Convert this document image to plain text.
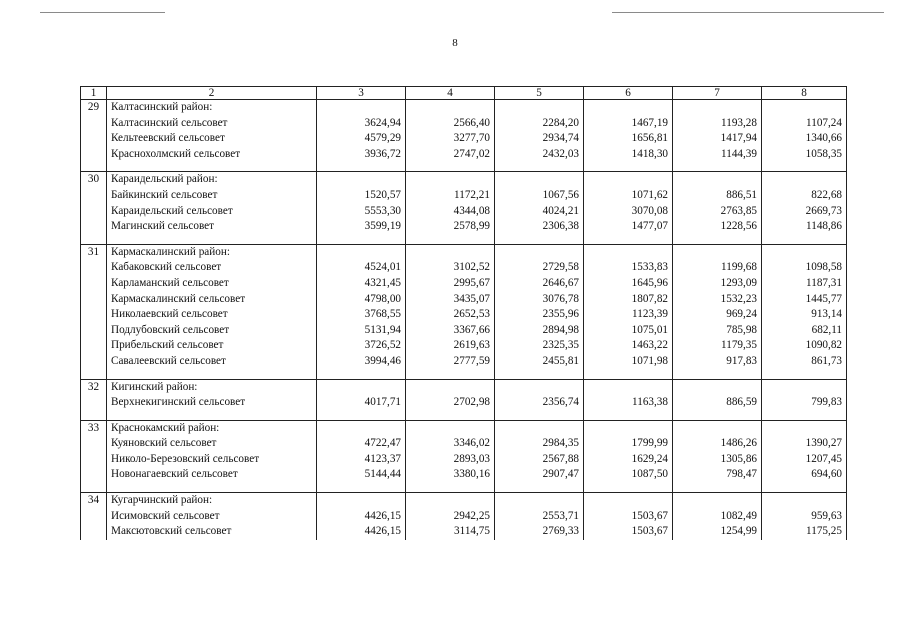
8
1	2	3	4	5	6	7	8
29	Калтасинский район:						
	Калтасинский сельсовет	3624,94	2566,40	2284,20	1467,19	1193,28	1107,24
	Кельтеевский сельсовет	4579,29	3277,70	2934,74	1656,81	1417,94	1340,66
	Краснохолмский сельсовет	3936,72	2747,02	2432,03	1418,30	1144,39	1058,35

30	Караидельский район:						
	Байкинский сельсовет	1520,57	1172,21	1067,56	1071,62	886,51	822,68
	Караидельский сельсовет	5553,30	4344,08	4024,21	3070,08	2763,85	2669,73
	Магинский сельсовет	3599,19	2578,99	2306,38	1477,07	1228,56	1148,86

31	Кармаскалинский район:						
	Кабаковский сельсовет	4524,01	3102,52	2729,58	1533,83	1199,68	1098,58
	Карламанский сельсовет	4321,45	2995,67	2646,67	1645,96	1293,09	1187,31
	Кармаскалинский сельсовет	4798,00	3435,07	3076,78	1807,82	1532,23	1445,77
	Николаевский сельсовет	3768,55	2652,53	2355,96	1123,39	969,24	913,14
	Подлубовский сельсовет	5131,94	3367,66	2894,98	1075,01	785,98	682,11
	Прибельский сельсовет	3726,52	2619,63	2325,35	1463,22	1179,35	1090,82
	Савалеевский сельсовет	3994,46	2777,59	2455,81	1071,98	917,83	861,73

32	Кигинский район:						
	Верхнекигинский сельсовет	4017,71	2702,98	2356,74	1163,38	886,59	799,83

33	Краснокамский район:						
	Куяновский сельсовет	4722,47	3346,02	2984,35	1799,99	1486,26	1390,27
	Николо-Березовский сельсовет	4123,37	2893,03	2567,88	1629,24	1305,86	1207,45
	Новонагаевский сельсовет	5144,44	3380,16	2907,47	1087,50	798,47	694,60

34	Кугарчинский район:						
	Исимовский сельсовет	4426,15	2942,25	2553,71	1503,67	1082,49	959,63
	Максютовский сельсовет	4426,15	3114,75	2769,33	1503,67	1254,99	1175,25
